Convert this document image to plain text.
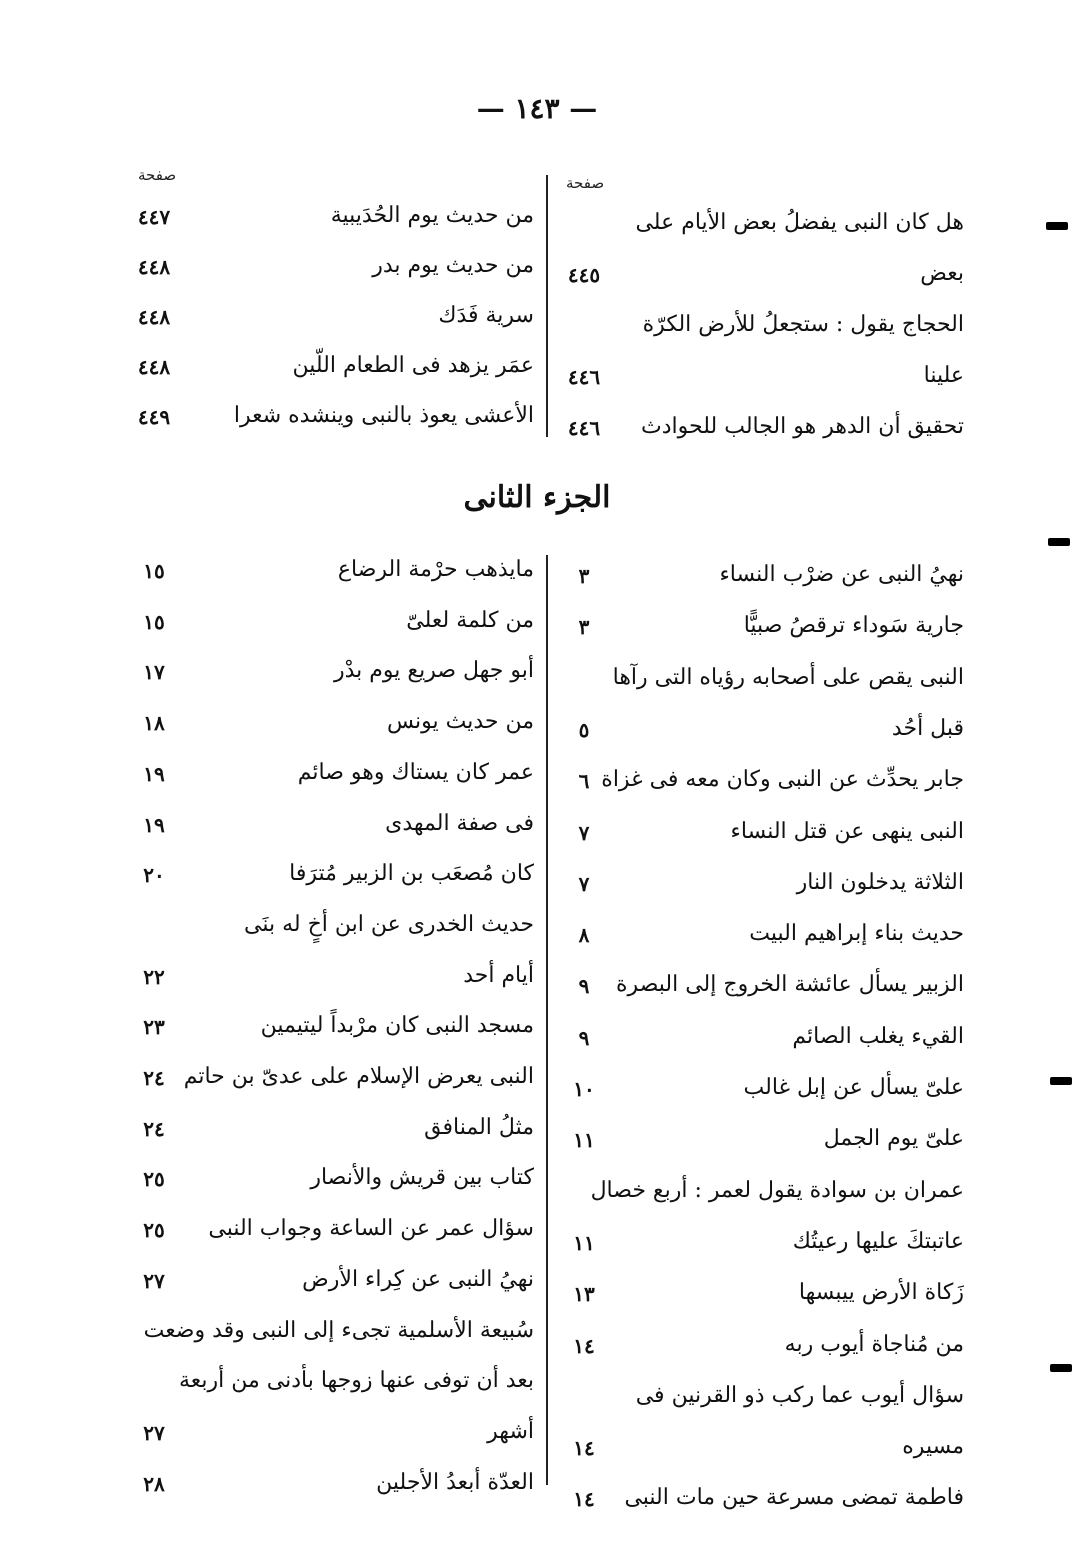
— ١٤٣ —
صفحة
صفحة
الجزء الثانى
هل كان النبى يفضلُ بعض الأيام على
بعض
٤٤٥
الحجاج يقول : ستجعلُ للأرض الكرّة
علينا
٤٤٦
تحقيق أن الدهر هو الجالب للحوادث
٤٤٦
من حديث يوم الحُدَيبية
٤٤٧
من حديث يوم بدر
٤٤٨
سرية فَدَك
٤٤٨
عمَر يزهد فى الطعام اللّين
٤٤٨
الأعشى يعوذ بالنبى وينشده شعرا
٤٤٩
نهيُ النبى عن ضرْب النساء
٣
جارية سَوداء ترقصُ صبيًّا
٣
النبى يقص على أصحابه رؤياه التى رآها
قبل أحُد
٥
جابر يحدِّث عن النبى وكان معه فى غزاة
٦
النبى ينهى عن قتل النساء
٧
الثلاثة يدخلون النار
٧
حديث بناء إبراهيم البيت
٨
الزبير يسأل عائشة الخروج إلى البصرة
٩
القيء يغلب الصائم
٩
علىّ يسأل عن إبل غالب
١٠
علىّ يوم الجمل
١١
عمران بن سوادة يقول لعمر : أربع خصال
عاتبتكَ عليها رعيتُك
١١
زَكاة الأرض ييبسها
١٣
من مُناجاة أيوب ربه
١٤
سؤال أيوب عما ركب ذو القرنين فى
مسيره
١٤
فاطمة تمضى مسرعة حين مات النبى
١٤
مايذهب حرْمة الرضاع
١٥
من كلمة لعلىّ
١٥
أبو جهل صريع يوم بدْر
١٧
من حديث يونس
١٨
عمر كان يستاك وهو صائم
١٩
فى صفة المهدى
١٩
كان مُصعَب بن الزبير مُترَفا
٢٠
حديث الخدرى عن ابن أخٍ له بنَى
أيام أحد
٢٢
مسجد النبى كان مرْبداً ليتيمين
٢٣
النبى يعرض الإسلام على عدىّ بن حاتم
٢٤
مثلُ المنافق
٢٤
كتاب بين قريش والأنصار
٢٥
سؤال عمر عن الساعة وجواب النبى
٢٥
نهيُ النبى عن كِراء الأرض
٢٧
سُبيعة الأسلمية تجىء إلى النبى وقد وضعت
بعد أن توفى عنها زوجها بأدنى من أربعة
أشهر
٢٧
العدّة أبعدُ الأجلين
٢٨
